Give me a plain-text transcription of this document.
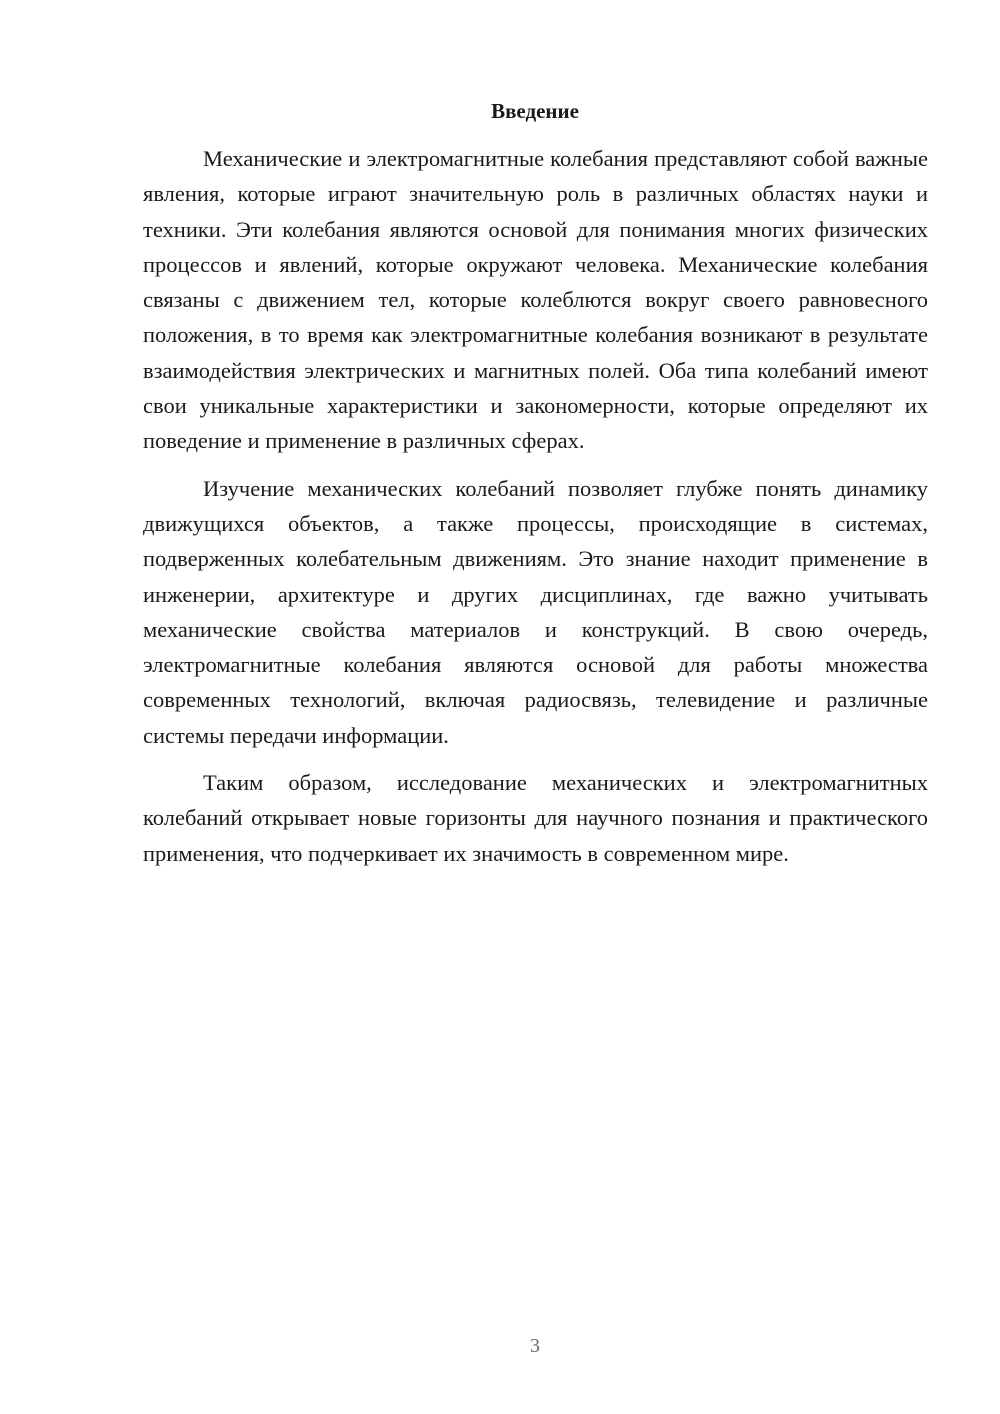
Введение

Механические и электромагнитные колебания представляют собой важные явления, которые играют значительную роль в различных областях науки и техники. Эти колебания являются основой для понимания многих физических процессов и явлений, которые окружают человека. Механические колебания связаны с движением тел, которые колеблются вокруг своего равновесного положения, в то время как электромагнитные колебания возникают в результате взаимодействия электрических и магнитных полей. Оба типа колебаний имеют свои уникальные характеристики и закономерности, которые определяют их поведение и применение в различных сферах.

Изучение механических колебаний позволяет глубже понять динамику движущихся объектов, а также процессы, происходящие в системах, подверженных колебательным движениям. Это знание находит применение в инженерии, архитектуре и других дисциплинах, где важно учитывать механические свойства материалов и конструкций. В свою очередь, электромагнитные колебания являются основой для работы множества современных технологий, включая радиосвязь, телевидение и различные системы передачи информации.

Таким образом, исследование механических и электромагнитных колебаний открывает новые горизонты для научного познания и практического применения, что подчеркивает их значимость в современном мире.

3
